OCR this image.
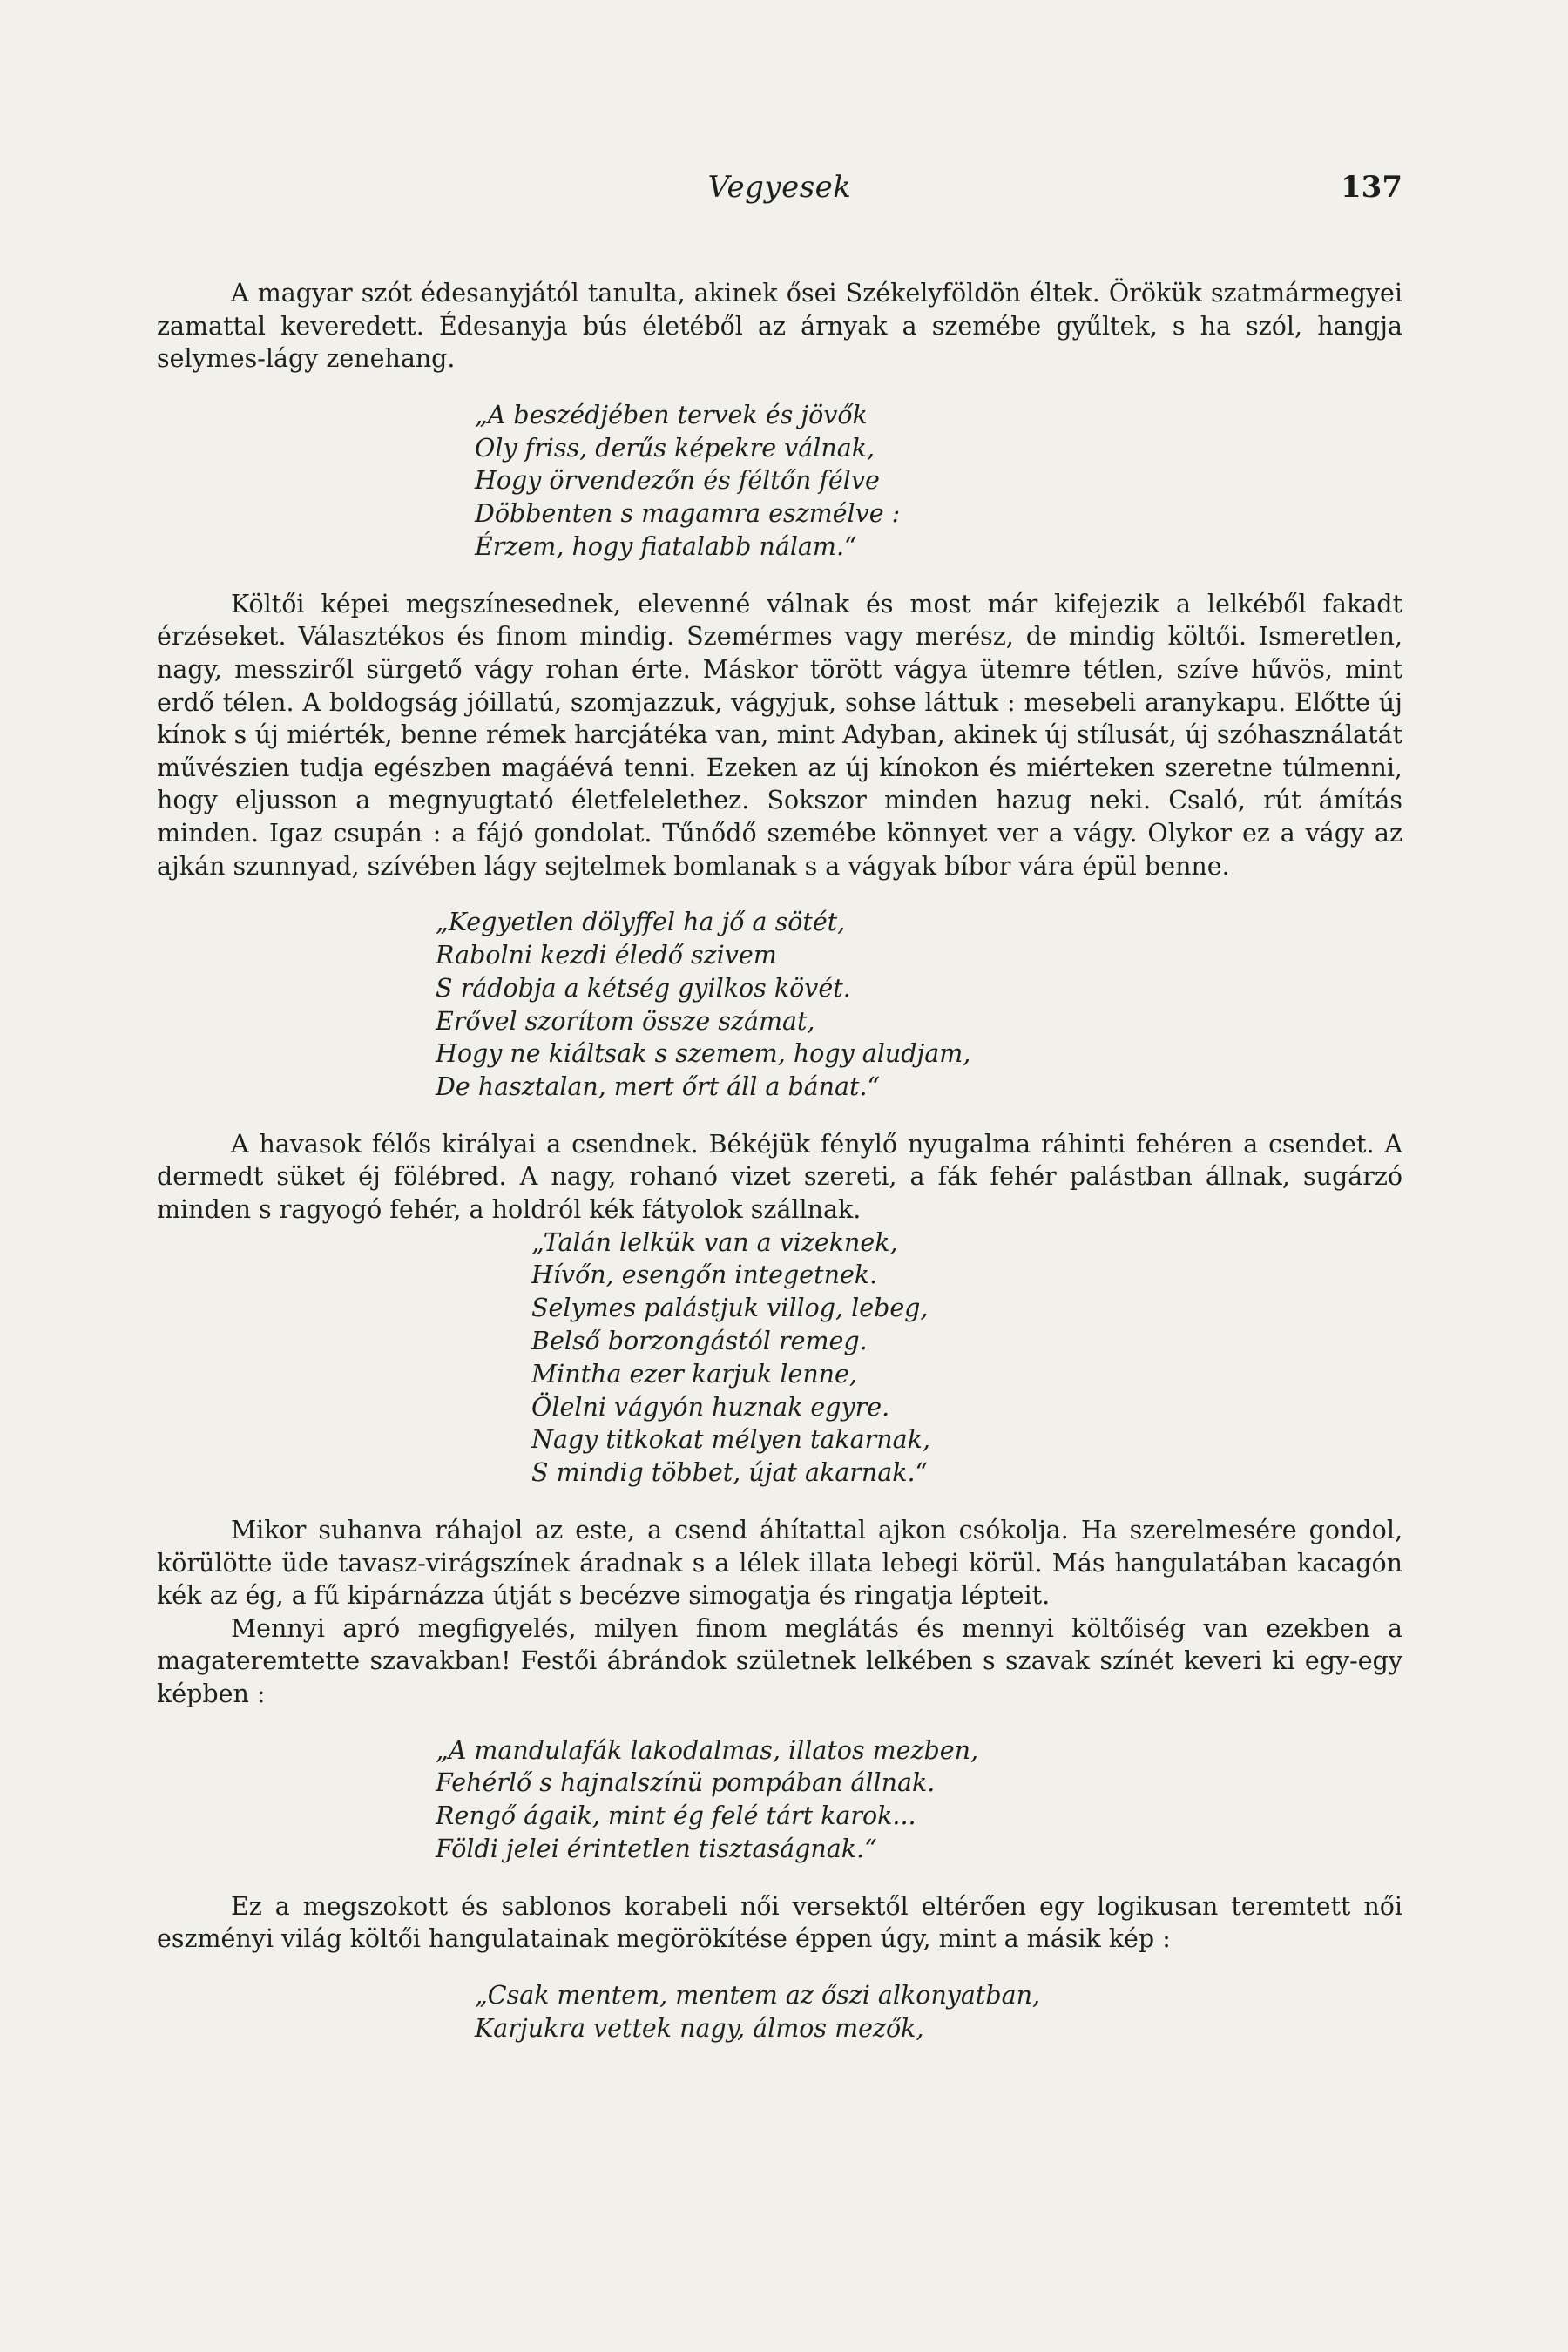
Vegyesek	137

A magyar szót édesanyjától tanulta, akinek ősei Székelyföldön éltek. Örökük szatmármegyei zamattal keveredett. Édesanyja bús életéből az árnyak a szemébe gyűltek, s ha szól, hangja selymes-lágy zenehang.

„A beszédjében tervek és jövők
Oly friss, derűs képekre válnak,
Hogy örvendezőn és féltőn félve
Döbbenten s magamra eszmélve :
Érzem, hogy fiatalabb nálam.“

Költői képei megszínesednek, elevenné válnak és most már kifejezik a lelkéből fakadt érzéseket. Választékos és finom mindig. Szemérmes vagy merész, de mindig költői. Ismeretlen, nagy, messziről sürgető vágy rohan érte. Máskor törött vágya ütemre tétlen, szíve hűvös, mint erdő télen. A boldogság jóillatú, szomjazzuk, vágyjuk, sohse láttuk : mesebeli aranykapu. Előtte új kínok s új miérték, benne rémek harcjátéka van, mint Adyban, akinek új stílusát, új szóhasználatát művészien tudja egészben magáévá tenni. Ezeken az új kínokon és miérteken szeretne túlmenni, hogy eljusson a megnyugtató életfelelethez. Sokszor minden hazug neki. Csaló, rút ámítás minden. Igaz csupán : a fájó gondolat. Tűnődő szemébe könnyet ver a vágy. Olykor ez a vágy az ajkán szunnyad, szívében lágy sejtelmek bomlanak s a vágyak bíbor vára épül benne.

„Kegyetlen dölyffel ha jő a sötét,
Rabolni kezdi éledő szivem
S rádobja a kétség gyilkos kövét.
Erővel szorítom össze számat,
Hogy ne kiáltsak s szemem, hogy aludjam,
De hasztalan, mert őrt áll a bánat.“

A havasok félős királyai a csendnek. Békéjük fénylő nyugalma ráhinti fehéren a csendet. A dermedt süket éj fölébred. A nagy, rohanó vizet szereti, a fák fehér palástban állnak, sugárzó minden s ragyogó fehér, a holdról kék fátyolok szállnak.

„Talán lelkük van a vizeknek,
Hívőn, esengőn integetnek.
Selymes palástjuk villog, lebeg,
Belső borzongástól remeg.
Mintha ezer karjuk lenne,
Ölelni vágyón huznak egyre.
Nagy titkokat mélyen takarnak,
S mindig többet, újat akarnak.“

Mikor suhanva ráhajol az este, a csend áhítattal ajkon csókolja. Ha szerelmesére gondol, körülötte üde tavasz-virágszínek áradnak s a lélek illata lebegi körül. Más hangulatában kacagón kék az ég, a fű kipárnázza útját s becézve simogatja és ringatja lépteit.

Mennyi apró megfigyelés, milyen finom meglátás és mennyi költőiség van ezekben a magateremtette szavakban! Festői ábrándok születnek lelkében s szavak színét keveri ki egy-egy képben :

„A mandulafák lakodalmas, illatos mezben,
Fehérlő s hajnalszínü pompában állnak.
Rengő ágaik, mint ég felé tárt karok...
Földi jelei érintetlen tisztaságnak.“

Ez a megszokott és sablonos korabeli női versektől eltérően egy logikusan teremtett női eszményi világ költői hangulatainak megörökítése éppen úgy, mint a másik kép :

„Csak mentem, mentem az őszi alkonyatban,
Karjukra vettek nagy, álmos mezők,
